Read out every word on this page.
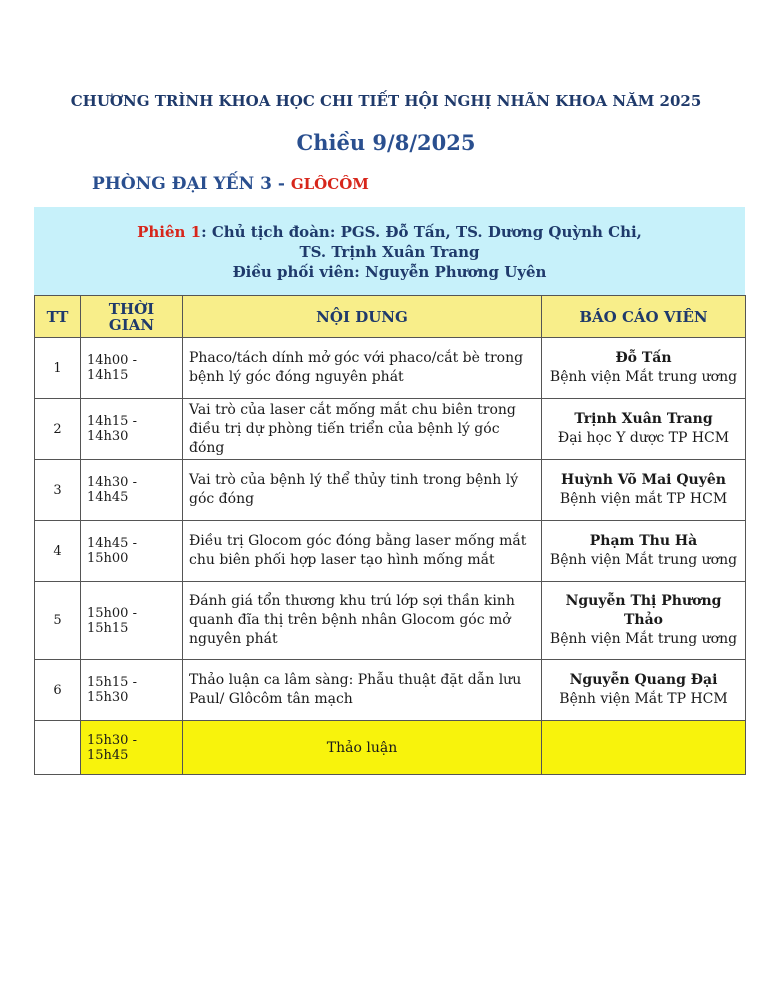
CHƯƠNG TRÌNH KHOA HỌC CHI TIẾT HỘI NGHỊ NHÃN KHOA NĂM 2025
Chiều 9/8/2025
PHÒNG ĐẠI YẾN 3 - GLÔCÔM
Phiên 1: Chủ tịch đoàn: PGS. Đỗ Tấn, TS. Dương Quỳnh Chi,
TS. Trịnh Xuân Trang
Điều phối viên: Nguyễn Phương Uyên
TT	THỜI
GIAN	NỘI DUNG	BÁO CÁO VIÊN
1	14h00 - 14h15	Phaco/tách dính mở góc với phaco/cắt bè trong bệnh lý góc đóng nguyên phát	Đỗ Tấn
Bệnh viện Mắt trung ương

2	14h15 - 14h30	Vai trò của laser cắt mống mắt chu biên trong điều trị dự phòng tiến triển của bệnh lý góc đóng	Trịnh Xuân Trang
Đại học Y dược TP HCM

3	14h30 - 14h45	Vai trò của bệnh lý thể thủy tinh trong bệnh lý góc đóng	Huỳnh Võ Mai Quyên
Bệnh viện mắt TP HCM

4	14h45 - 15h00	Điều trị Glocom góc đóng bằng laser mống mắt chu biên phối hợp laser tạo hình mống mắt	Phạm Thu Hà
Bệnh viện Mắt trung ương

5	15h00 - 15h15	Đánh giá tổn thương khu trú lớp sợi thần kinh quanh đĩa thị trên bệnh nhân Glocom góc mở nguyên phát	Nguyễn Thị Phương Thảo
Bệnh viện Mắt trung ương

6	15h15 - 15h30	Thảo luận ca lâm sàng: Phẫu thuật đặt dẫn lưu Paul/ Glôcôm tân mạch	Nguyễn Quang Đại
Bệnh viện Mắt TP HCM

	15h30 - 15h45	Thảo luận	
